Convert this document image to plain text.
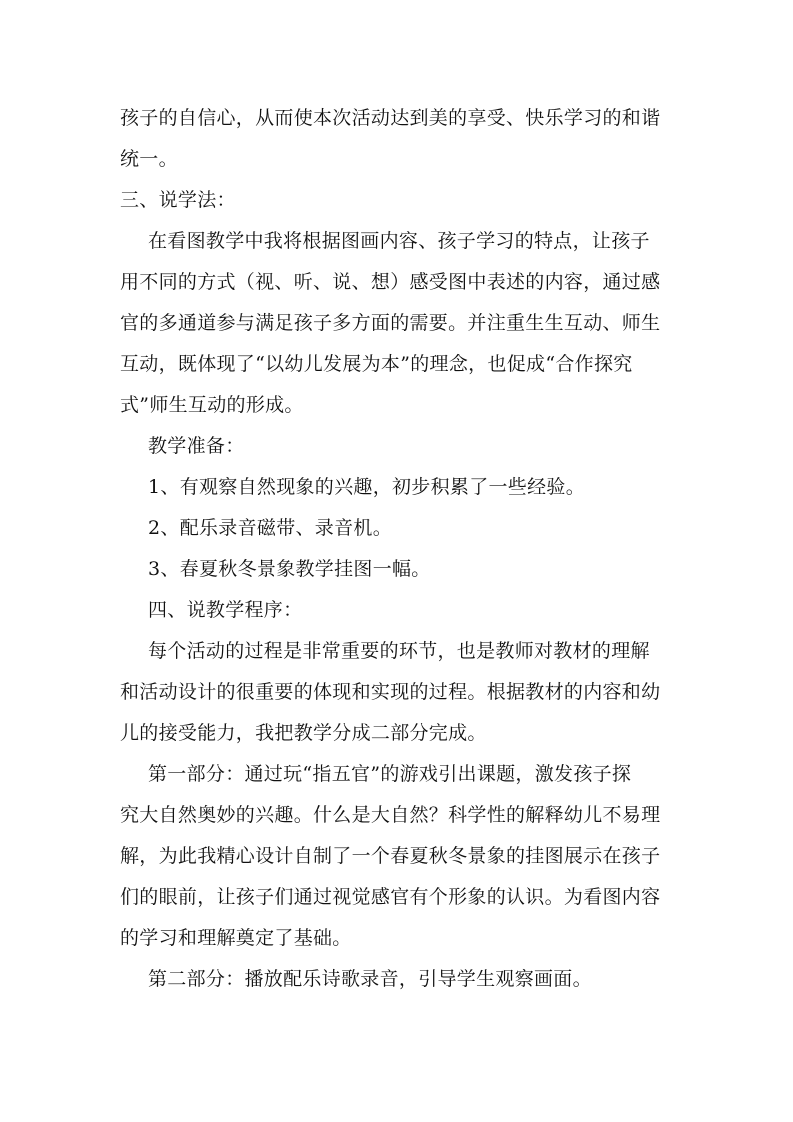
孩子的自信心，从而使本次活动达到美的享受、快乐学习的和谐
统一。
三、说学法：
在看图教学中我将根据图画内容、孩子学习的特点，让孩子
用不同的方式（视、听、说、想）感受图中表述的内容，通过感
官的多通道参与满足孩子多方面的需要。并注重生生互动、师生
互动，既体现了“以幼儿发展为本”的理念，也促成“合作探究
式”师生互动的形成。
教学准备：
1、有观察自然现象的兴趣，初步积累了一些经验。
2、配乐录音磁带、录音机。
3、春夏秋冬景象教学挂图一幅。
四、说教学程序：
每个活动的过程是非常重要的环节，也是教师对教材的理解
和活动设计的很重要的体现和实现的过程。根据教材的内容和幼
儿的接受能力，我把教学分成二部分完成。
第一部分：通过玩“指五官”的游戏引出课题，激发孩子探
究大自然奥妙的兴趣。什么是大自然？科学性的解释幼儿不易理
解，为此我精心设计自制了一个春夏秋冬景象的挂图展示在孩子
们的眼前，让孩子们通过视觉感官有个形象的认识。为看图内容
的学习和理解奠定了基础。
第二部分：播放配乐诗歌录音，引导学生观察画面。
